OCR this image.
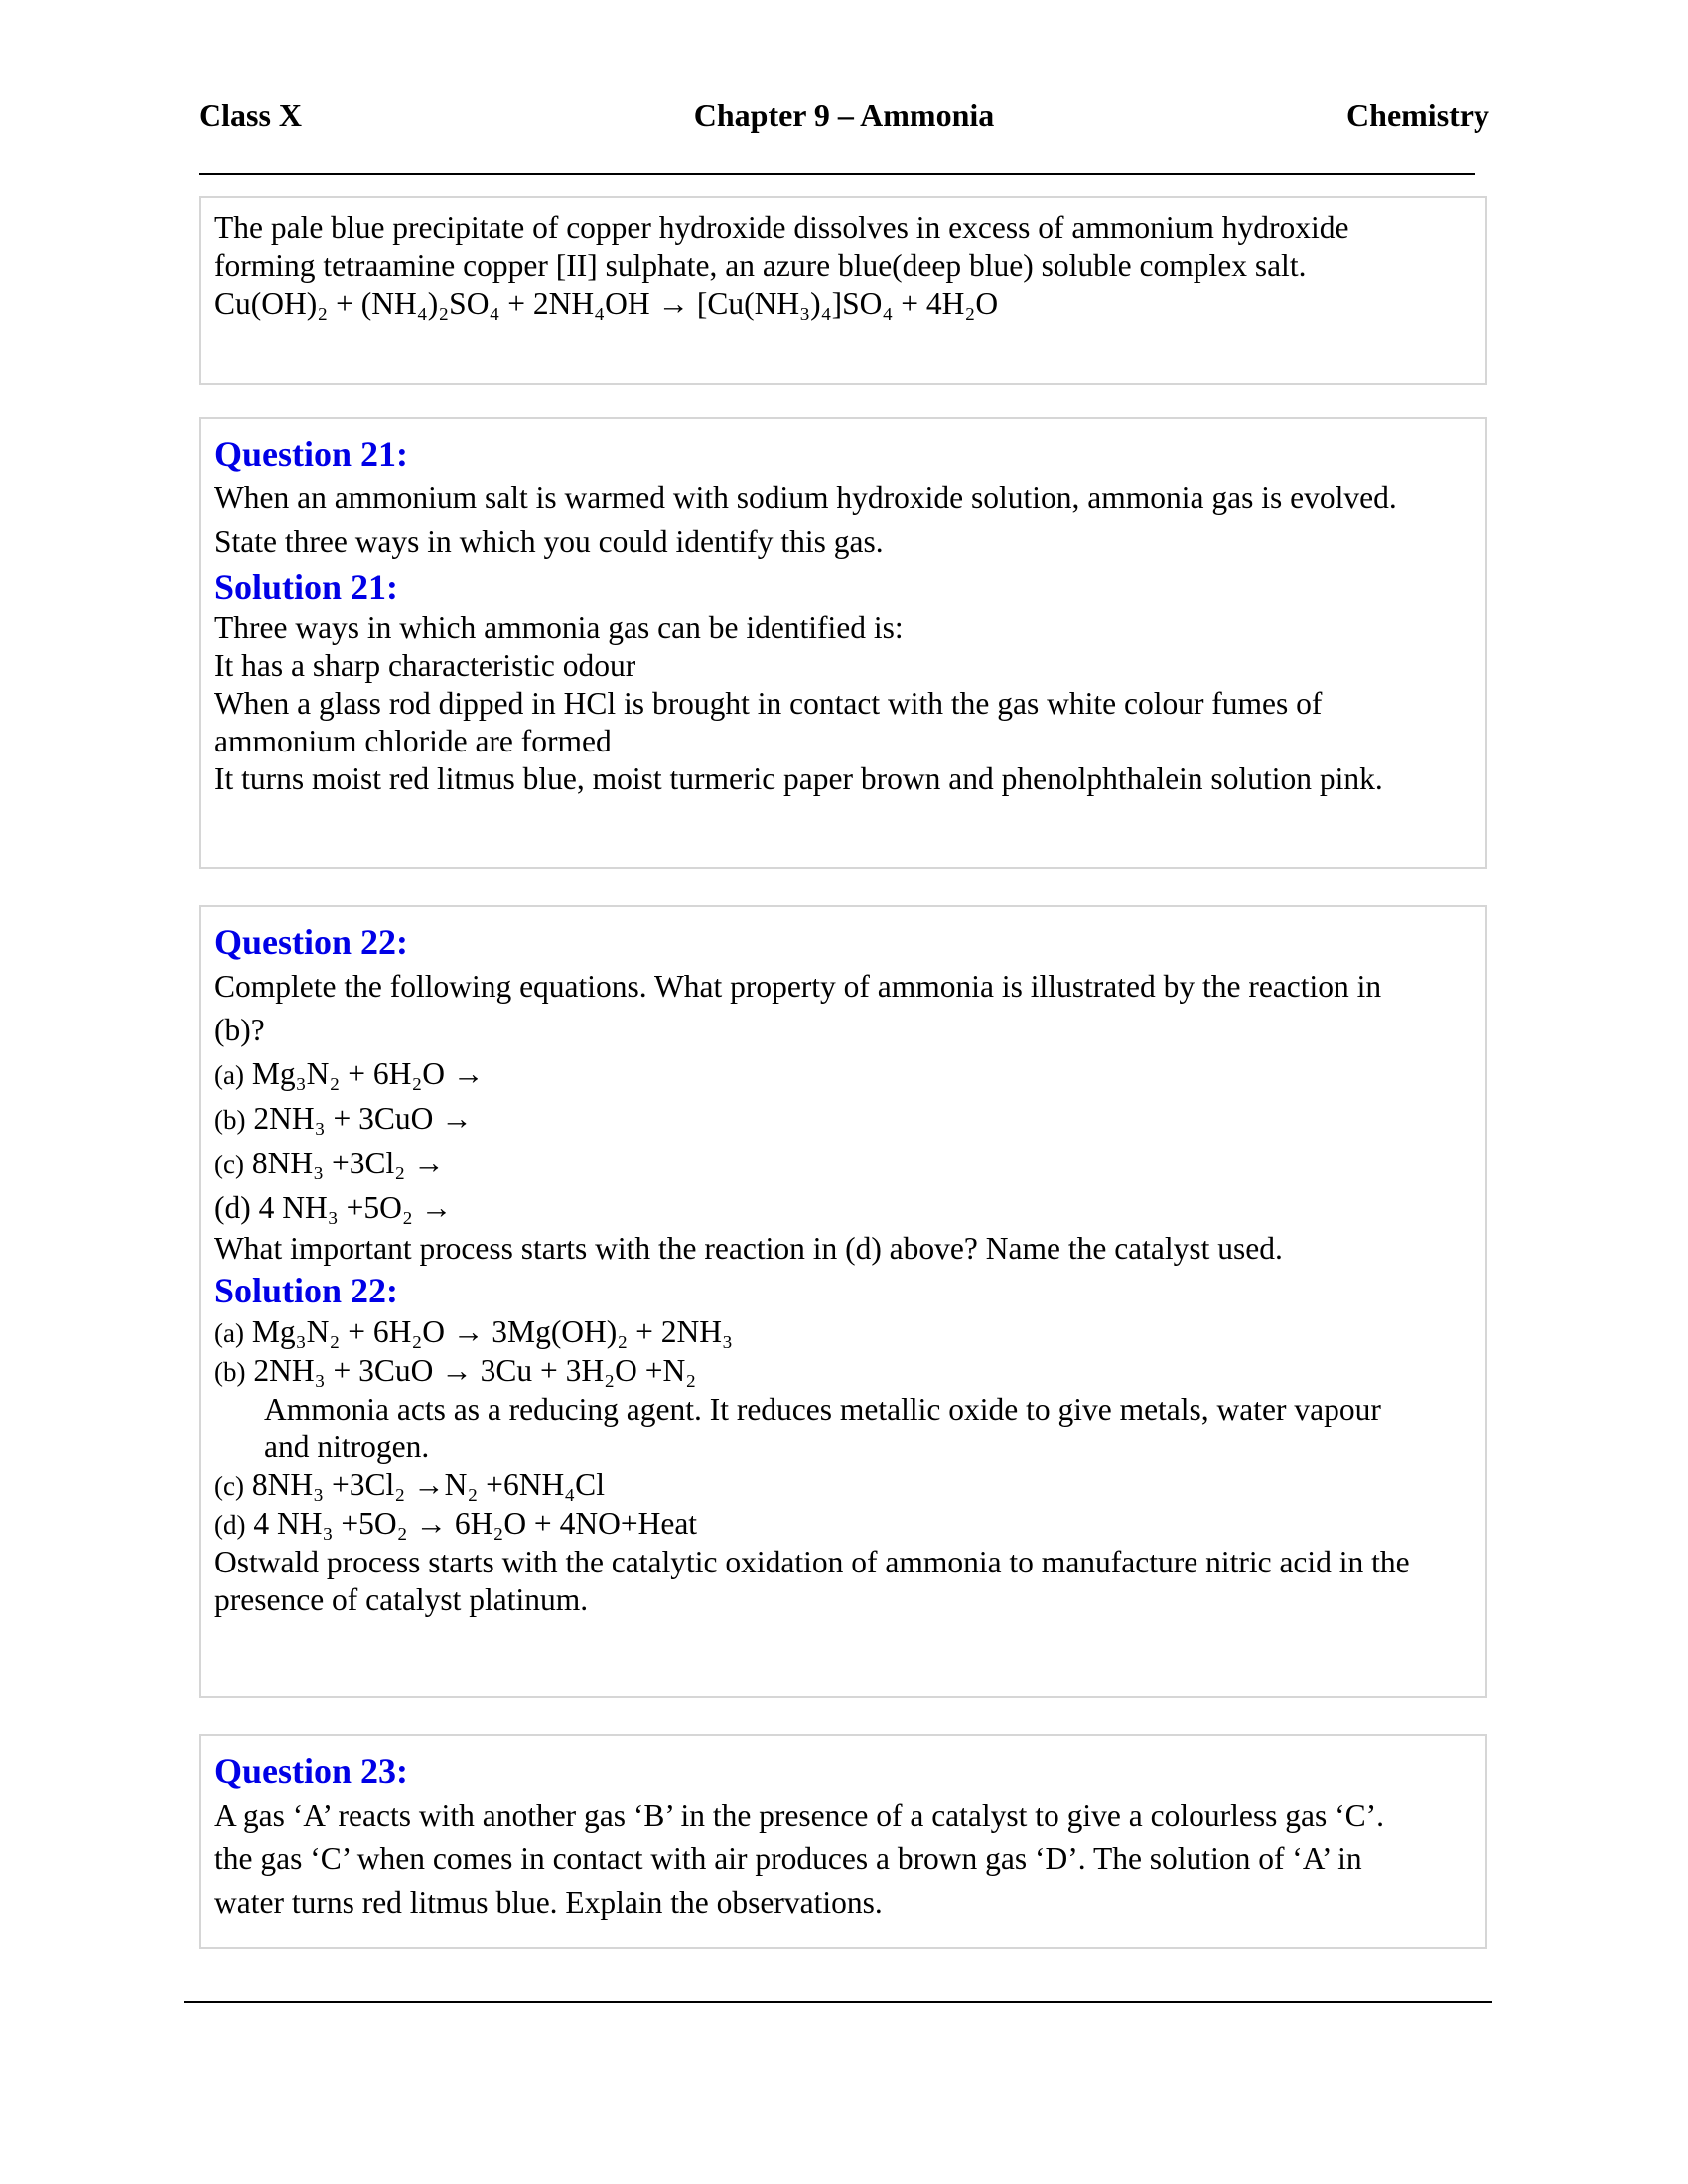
Class X	Chapter 9 – Ammonia	Chemistry
The pale blue precipitate of copper hydroxide dissolves in excess of ammonium hydroxide
forming tetraamine copper [II] sulphate, an azure blue(deep blue) soluble complex salt.
Cu(OH)₂ + (NH₄)₂SO₄ + 2NH₄OH → [Cu(NH₃)₄]SO₄ + 4H₂O
Question 21:
When an ammonium salt is warmed with sodium hydroxide solution, ammonia gas is evolved.
State three ways in which you could identify this gas.
Solution 21:
Three ways in which ammonia gas can be identified is:
It has a sharp characteristic odour
When a glass rod dipped in HCl is brought in contact with the gas white colour fumes of
ammonium chloride are formed
It turns moist red litmus blue, moist turmeric paper brown and phenolphthalein solution pink.
Question 22:
Complete the following equations. What property of ammonia is illustrated by the reaction in
(b)?
(a) Mg₃N₂ + 6H₂O →
(b) 2NH₃ + 3CuO →
(c) 8NH₃ +3Cl₂ →
(d) 4 NH₃ +5O₂ →
What important process starts with the reaction in (d) above? Name the catalyst used.
Solution 22:
(a) Mg₃N₂ + 6H₂O → 3Mg(OH)₂ + 2NH₃
(b) 2NH₃ + 3CuO → 3Cu + 3H₂O +N₂
Ammonia acts as a reducing agent. It reduces metallic oxide to give metals, water vapour
and nitrogen.
(c) 8NH₃ +3Cl₂ →N₂ +6NH₄Cl
(d) 4 NH₃ +5O₂ → 6H₂O + 4NO+Heat
Ostwald process starts with the catalytic oxidation of ammonia to manufacture nitric acid in the
presence of catalyst platinum.
Question 23:
A gas ‘A’ reacts with another gas ‘B’ in the presence of a catalyst to give a colourless gas ‘C’.
the gas ‘C’ when comes in contact with air produces a brown gas ‘D’. The solution of ‘A’ in
water turns red litmus blue. Explain the observations.
